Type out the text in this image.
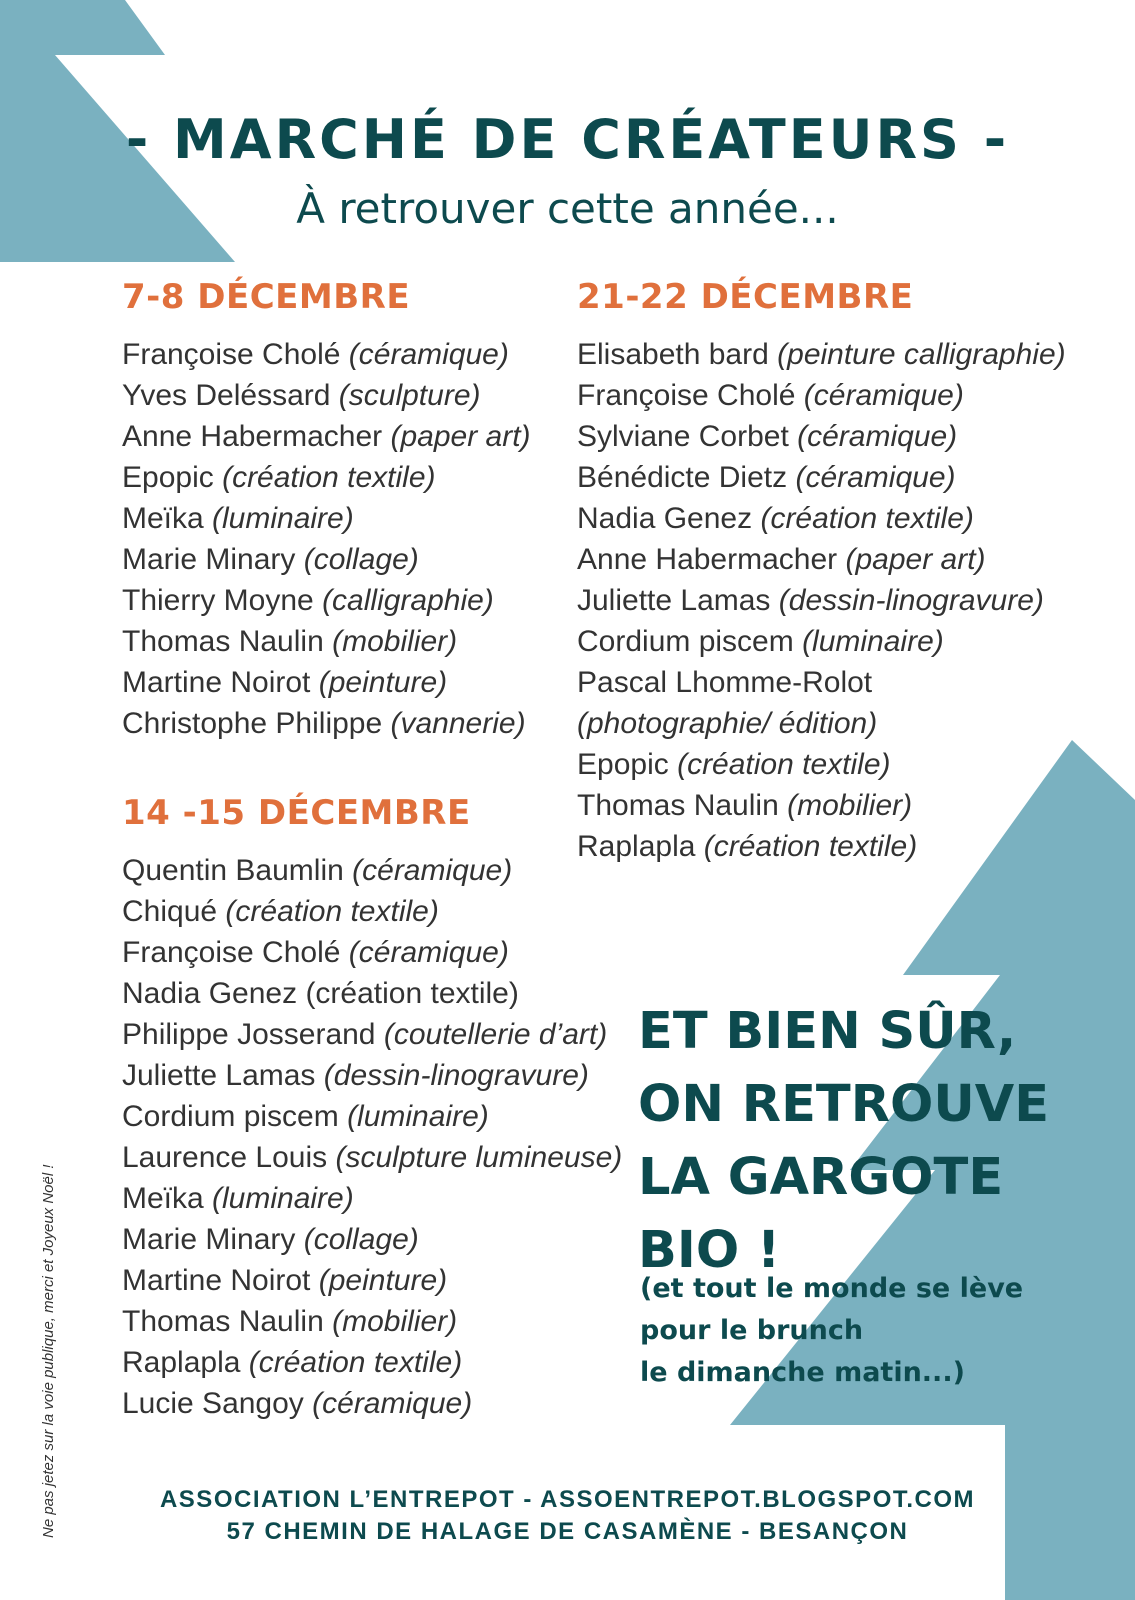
- MARCHÉ DE CRÉATEURS -
À retrouver cette année...
7-8 DÉCEMBRE
Françoise Cholé (céramique)
Yves Deléssard (sculpture)
Anne Habermacher (paper art)
Epopic (création textile)
Meïka (luminaire)
Marie Minary (collage)
Thierry Moyne (calligraphie)
Thomas Naulin (mobilier)
Martine Noirot (peinture)
Christophe Philippe (vannerie)
14 -15 DÉCEMBRE
Quentin Baumlin (céramique)
Chiqué (création textile)
Françoise Cholé (céramique)
Nadia Genez (création textile)
Philippe Josserand (coutellerie d’art)
Juliette Lamas (dessin-linogravure)
Cordium piscem (luminaire)
Laurence Louis (sculpture lumineuse)
Meïka (luminaire)
Marie Minary (collage)
Martine Noirot (peinture)
Thomas Naulin (mobilier)
Raplapla (création textile)
Lucie Sangoy (céramique)
21-22 DÉCEMBRE
Elisabeth bard (peinture calligraphie)
Françoise Cholé (céramique)
Sylviane Corbet (céramique)
Bénédicte Dietz (céramique)
Nadia Genez (création textile)
Anne Habermacher (paper art)
Juliette Lamas (dessin-linogravure)
Cordium piscem (luminaire)
Pascal Lhomme-Rolot
(photographie/ édition)
Epopic (création textile)
Thomas Naulin (mobilier)
Raplapla (création textile)
ET BIEN SÛR,
ON RETROUVE
LA GARGOTE
BIO !
(et tout le monde se lève
pour le brunch
le dimanche matin...)
ASSOCIATION L’ENTREPOT - ASSOENTREPOT.BLOGSPOT.COM
57 CHEMIN DE HALAGE DE CASAMÈNE - BESANÇON
Ne pas jetez sur la voie publique, merci et Joyeux Noël !
